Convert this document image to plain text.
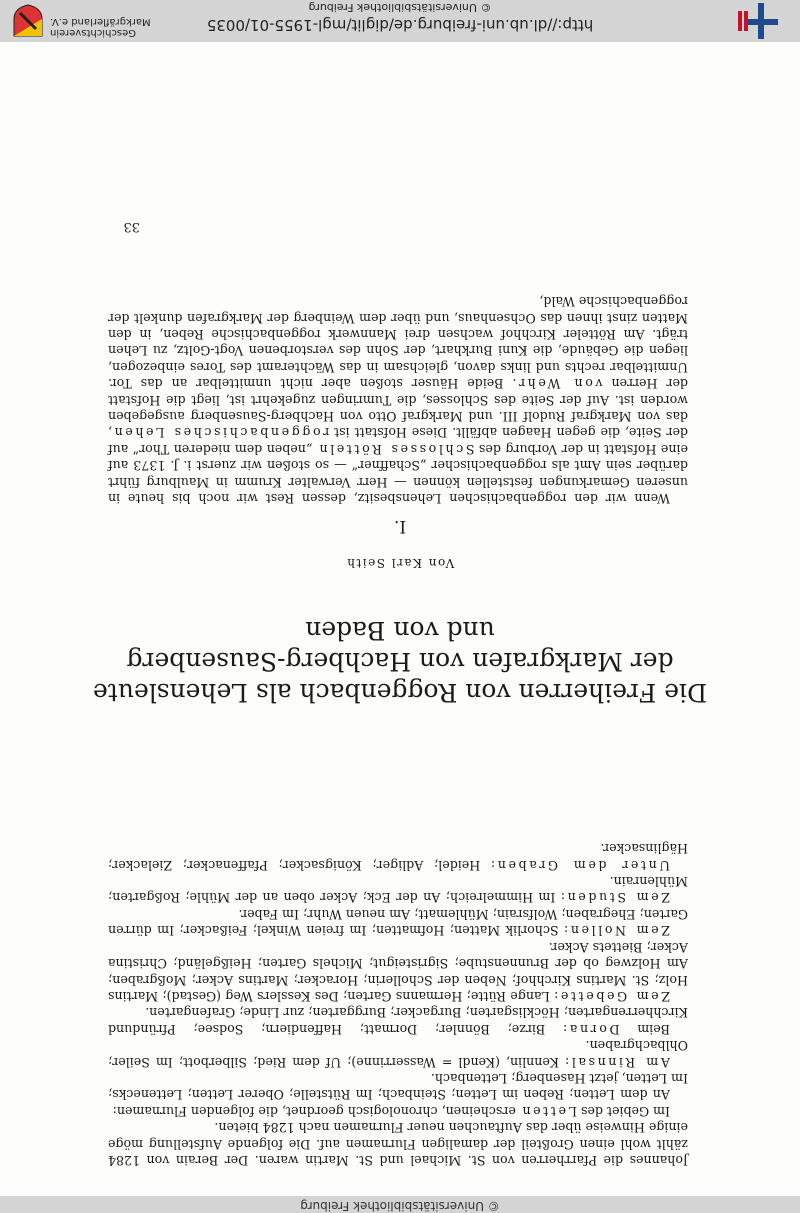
http://dl.ub.uni-freiburg.de/diglit/mgl-1955-01/0035
© Universitätsbibliothek Freiburg
Geschichtsverein
Markgräflerland e.V.

Johannes die Pfarrherren von St. Michael und St. Martin waren. Der Berain von 1284 zählt wohl einen Großteil der damaligen Flurnamen auf. Die folgende Aufstellung möge einige Hinweise über das Auftauchen neuer Flurnamen nach 1284 bieten.

Im Gebiet des Letten erscheinen, chronologisch geordnet, die folgenden Flurnamen:

An dem Letten; Reben im Letten; Steinbach; Im Rütstelle; Oberer Letten; Lettenecks; Im Letten, jetzt Hasenberg; Lettenbach.

Am Rinnsal: Kennlin, (Kendl = Wasserrinne); Uf dem Ried; Silberbott; Im Seiler; Ohlbachgraben.

Beim Dorna: Birze; Bönnler; Dormatt; Haffendiern; Sodsee; Pfründund Kirchherrengarten; Höcklisgarten; Burgacker; Burggarten; zur Linde; Grafengarten.

Zem Gebette: Lange Rütte; Hermanns Garten; Des Kesslers Weg (Gestad); Martins Holz; St. Martins Kirchhof; Neben der Schollerin; Horacker; Martins Acker; Moßgraben; Am Holzweg ob der Brunnenstube; Sigristeigut; Michels Garten; Heißgeländ; Christina Acker; Biettets Acker.

Zem Nollen: Schorlik Matten; Hofmatten; Im freien Winkel; Feißacker; Im dürren Garten; Ehegraben; Wolfsrain; Mühlematt; Am neuen Wuhr; Im Faber.

Zem Studen: Im Himmelreich; An der Eck; Acker oben an der Mühle; Roßgarten; Mühlenrain.

Unter dem Graben: Heidel; Adliger; Königsacker; Pfaffenacker; Zielacker; Häglinsacker.

Die Freiherren von Roggenbach als Lehensleute
der Markgrafen von Hachberg-Sausenberg
und von Baden
Von Karl Seith
I.

Wenn wir den roggenbachischen Lehensbesitz, dessen Rest wir noch bis heute in unseren Gemarkungen feststellen können — Herr Verwalter Krumm in Maulburg führt darüber sein Amt als roggenbachischer „Schaffner“ — so stoßen wir zuerst i. J. 1373 auf eine Hofstatt in der Vorburg des Schlosses Rötteln „neben dem niederen Thor“ auf der Seite, die gegen Haagen abfällt. Diese Hofstatt ist roggenbachisches Lehen, das von Markgraf Rudolf III. und Markgraf Otto von Hachberg-Sausenberg ausgegeben worden ist. Auf der Seite des Schlosses, die Tumringen zugekehrt ist, liegt die Hofstatt der Herren von Wehr. Beide Häuser stoßen aber nicht unmittelbar an das Tor. Unmittelbar rechts und links davon, gleichsam in das Wächteramt des Tores einbezogen, liegen die Gebäude, die Kuni Burkhart, der Sohn des verstorbenen Vogt-Goltz, zu Lehen trägt. Am Rötteler Kirchhof wachsen drei Mannwerk roggenbachische Reben, in den Matten zinst ihnen das Ochsenhaus, und über dem Weinberg der Markgrafen dunkelt der roggenbachische Wald,

33
© Universitätsbibliothek Freiburg
